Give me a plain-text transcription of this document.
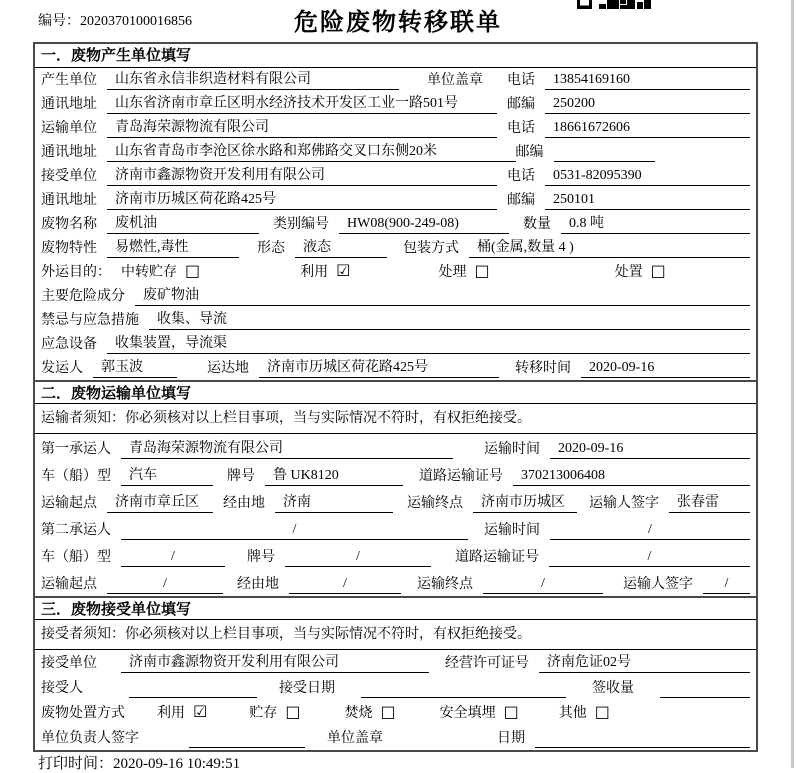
编号：2020370100016856	危险废物转移联单
一．废物产生单位填写
产生单位	山东省永信非织造材料有限公司	单位盖章	电话	13854169160
通讯地址	山东省济南市章丘区明水经济技术开发区工业一路501号	邮编	250200
运输单位	青岛海荣源物流有限公司	电话	18661672606
通讯地址	山东省青岛市李沧区徐水路和郑佛路交叉口东侧20米	邮编
接受单位	济南市鑫源物资开发利用有限公司	电话	0531-82095390
通讯地址	济南市历城区荷花路425号	邮编	250101
废物名称	废机油	类别编号	HW08(900-249-08)	数量	0.8 吨
废物特性	易燃性,毒性	形态	液态	包装方式	桶(金属,数量 4 )
外运目的： 中转贮存 □	利用 ☑	处理 □	处置 □
主要危险成分	废矿物油
禁忌与应急措施	收集、导流
应急设备	收集装置，导流渠
发运人	郭玉波	运达地	济南市历城区荷花路425号	转移时间	2020-09-16
二．废物运输单位填写
运输者须知：你必须核对以上栏目事项，当与实际情况不符时，有权拒绝接受。
第一承运人	青岛海荣源物流有限公司	运输时间	2020-09-16
车（船）型	汽车	牌号	鲁 UK8120	道路运输证号	370213006408
运输起点	济南市章丘区	经由地	济南	运输终点	济南市历城区	运输人签字	张春雷
第二承运人	/	运输时间	/
车（船）型	/	牌号	/	道路运输证号	/
运输起点	/	经由地	/	运输终点	/	运输人签字	/
三．废物接受单位填写
接受者须知：你必须核对以上栏目事项，当与实际情况不符时，有权拒绝接受。
接受单位	济南市鑫源物资开发利用有限公司	经营许可证号	济南危证02号
接受人	接受日期	签收量
废物处置方式	利用 ☑	贮存 □	焚烧 □	安全填埋 □	其他 □
单位负责人签字	单位盖章	日期
打印时间：2020-09-16 10:49:51
